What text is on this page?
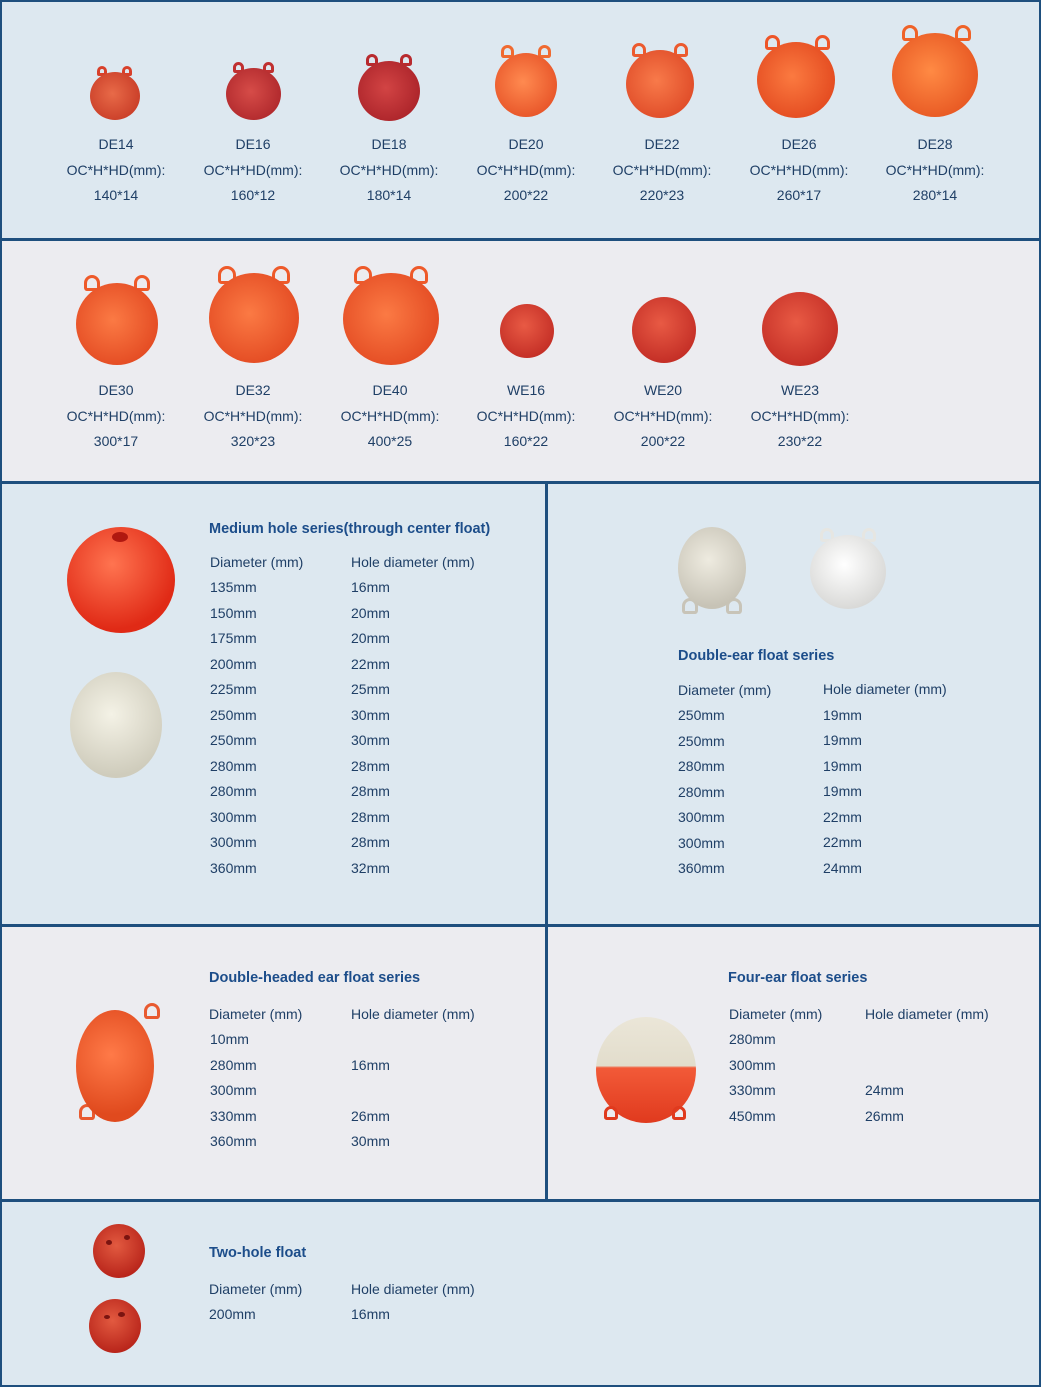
DE14
OC*H*HD(mm):
140*14
DE16
OC*H*HD(mm):
160*12
DE18
OC*H*HD(mm):
180*14
DE20
OC*H*HD(mm):
200*22
DE22
OC*H*HD(mm):
220*23
DE26
OC*H*HD(mm):
260*17
DE28
OC*H*HD(mm):
280*14
DE30
OC*H*HD(mm):
300*17
DE32
OC*H*HD(mm):
320*23
DE40
OC*H*HD(mm):
400*25
WE16
OC*H*HD(mm):
160*22
WE20
OC*H*HD(mm):
200*22
WE23
OC*H*HD(mm):
230*22
Medium hole series(through center float)
Diameter (mm)	Hole diameter (mm)
135mm	16mm
150mm	20mm
175mm	20mm
200mm	22mm
225mm	25mm
250mm	30mm
250mm	30mm
280mm	28mm
280mm	28mm
300mm	28mm
300mm	28mm
360mm	32mm
Double-ear float series
Diameter (mm)	Hole diameter (mm)
250mm	19mm
250mm	19mm
280mm	19mm
280mm	19mm
300mm	22mm
300mm	22mm
360mm	24mm
Double-headed ear float series
Diameter (mm)	Hole diameter (mm)
10mm
280mm	16mm
300mm
330mm	26mm
360mm	30mm
Four-ear float series
Diameter (mm)	Hole diameter (mm)
280mm
300mm
330mm	24mm
450mm	26mm
Two-hole float
Diameter (mm)	Hole diameter (mm)
200mm	16mm
